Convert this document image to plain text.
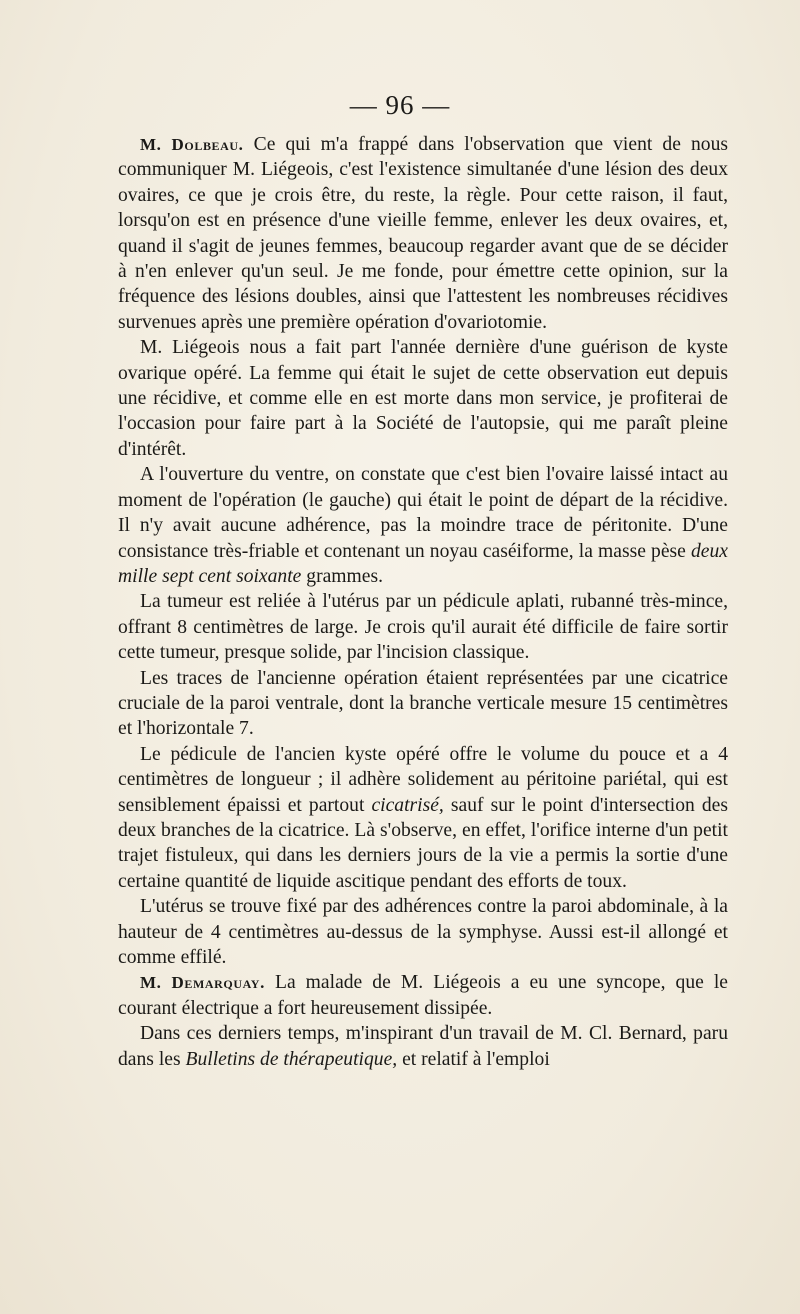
— 96 —

M. Dolbeau. Ce qui m'a frappé dans l'observation que vient de nous communiquer M. Liégeois, c'est l'existence simultanée d'une lésion des deux ovaires, ce que je crois être, du reste, la règle. Pour cette raison, il faut, lorsqu'on est en présence d'une vieille femme, enlever les deux ovaires, et, quand il s'agit de jeunes femmes, beaucoup regarder avant que de se décider à n'en enlever qu'un seul. Je me fonde, pour émettre cette opinion, sur la fréquence des lésions doubles, ainsi que l'attestent les nombreuses récidives survenues après une première opération d'ovariotomie.

M. Liégeois nous a fait part l'année dernière d'une guérison de kyste ovarique opéré. La femme qui était le sujet de cette observation eut depuis une récidive, et comme elle en est morte dans mon service, je profiterai de l'occasion pour faire part à la Société de l'autopsie, qui me paraît pleine d'intérêt.

A l'ouverture du ventre, on constate que c'est bien l'ovaire laissé intact au moment de l'opération (le gauche) qui était le point de départ de la récidive. Il n'y avait aucune adhérence, pas la moindre trace de péritonite. D'une consistance très-friable et contenant un noyau caséiforme, la masse pèse deux mille sept cent soixante grammes.

La tumeur est reliée à l'utérus par un pédicule aplati, rubanné très-mince, offrant 8 centimètres de large. Je crois qu'il aurait été difficile de faire sortir cette tumeur, presque solide, par l'incision classique.

Les traces de l'ancienne opération étaient représentées par une cicatrice cruciale de la paroi ventrale, dont la branche verticale mesure 15 centimètres et l'horizontale 7.

Le pédicule de l'ancien kyste opéré offre le volume du pouce et a 4 centimètres de longueur ; il adhère solidement au péritoine pariétal, qui est sensiblement épaissi et partout cicatrisé, sauf sur le point d'intersection des deux branches de la cicatrice. Là s'observe, en effet, l'orifice interne d'un petit trajet fistuleux, qui dans les derniers jours de la vie a permis la sortie d'une certaine quantité de liquide ascitique pendant des efforts de toux.

L'utérus se trouve fixé par des adhérences contre la paroi abdominale, à la hauteur de 4 centimètres au-dessus de la symphyse. Aussi est-il allongé et comme effilé.

M. Demarquay. La malade de M. Liégeois a eu une syncope, que le courant électrique a fort heureusement dissipée.

Dans ces derniers temps, m'inspirant d'un travail de M. Cl. Bernard, paru dans les Bulletins de thérapeutique, et relatif à l'emploi
